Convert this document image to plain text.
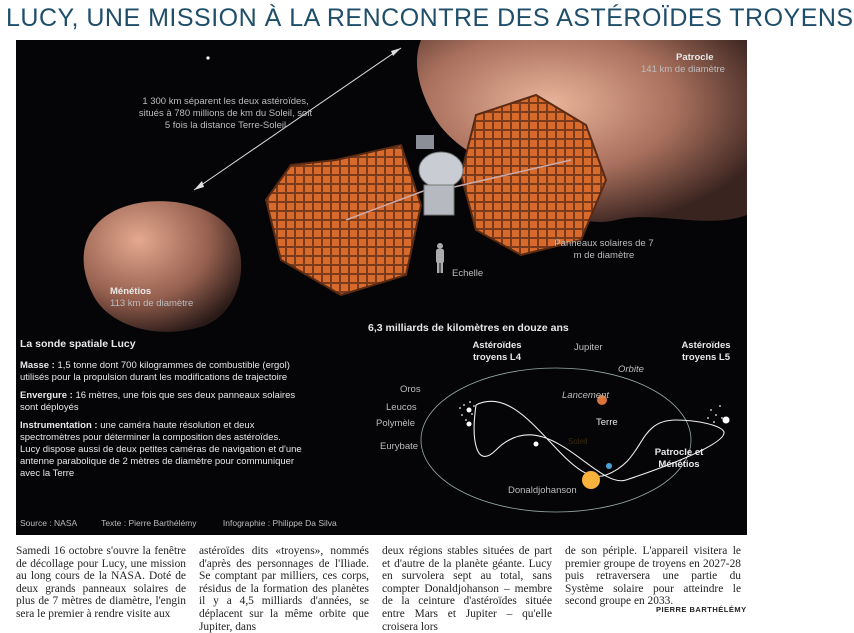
LUCY, UNE MISSION À LA RENCONTRE DES ASTÉROÏDES TROYENS
1 300 km séparent les deux astéroïdes, situés à 780 millions de km du Soleil, soit 5 fois la distance Terre-Soleil
Patrocle
141 km de diamètre
Ménétios
113 km de diamètre
Panneaux solaires de 7 m de diamètre
Echelle
La sonde spatiale Lucy
Masse : 1,5 tonne dont 700 kilogrammes de combustible (ergol) utilisés pour la propulsion durant les modifications de trajectoire
Envergure : 16 mètres, une fois que ses deux panneaux solaires sont déployés
Instrumentation : une caméra haute résolution et deux spectromètres pour déterminer la composition des astéroïdes.
Lucy dispose aussi de deux petites caméras de navigation et d'une antenne parabolique de 2 mètres de diamètre pour communiquer avec la Terre
Source : NASA	Texte : Pierre Barthélémy	Infographie : Philippe Da Silva
6,3 milliards de kilomètres en douze ans
Astéroïdes troyens L4
Astéroïdes troyens L5
Jupiter
Orbite
Lancement
Terre
Soleil
Oros
Leucos
Polymèle
Eurybate
Donaldjohanson
Patrocle et Ménétios
Samedi 16 octobre s'ouvre la fenêtre de décollage pour Lucy, une mission au long cours de la NASA. Doté de deux grands panneaux solaires de plus de 7 mètres de diamètre, l'engin sera le premier à rendre visite aux
astéroïdes dits «troyens», nommés d'après des personnages de l'Iliade. Se comptant par milliers, ces corps, résidus de la formation des planètes il y a 4,5 milliards d'années, se déplacent sur la même orbite que Jupiter, dans
deux régions stables situées de part et d'autre de la planète géante. Lucy en survolera sept au total, sans compter Donaldjohanson – membre de la ceinture d'astéroïdes située entre Mars et Jupiter – qu'elle croisera lors
de son périple. L'appareil visitera le premier groupe de troyens en 2027-28 puis retraversera une partie du Système solaire pour atteindre le second groupe en 2033.
PIERRE BARTHÉLÉMY
